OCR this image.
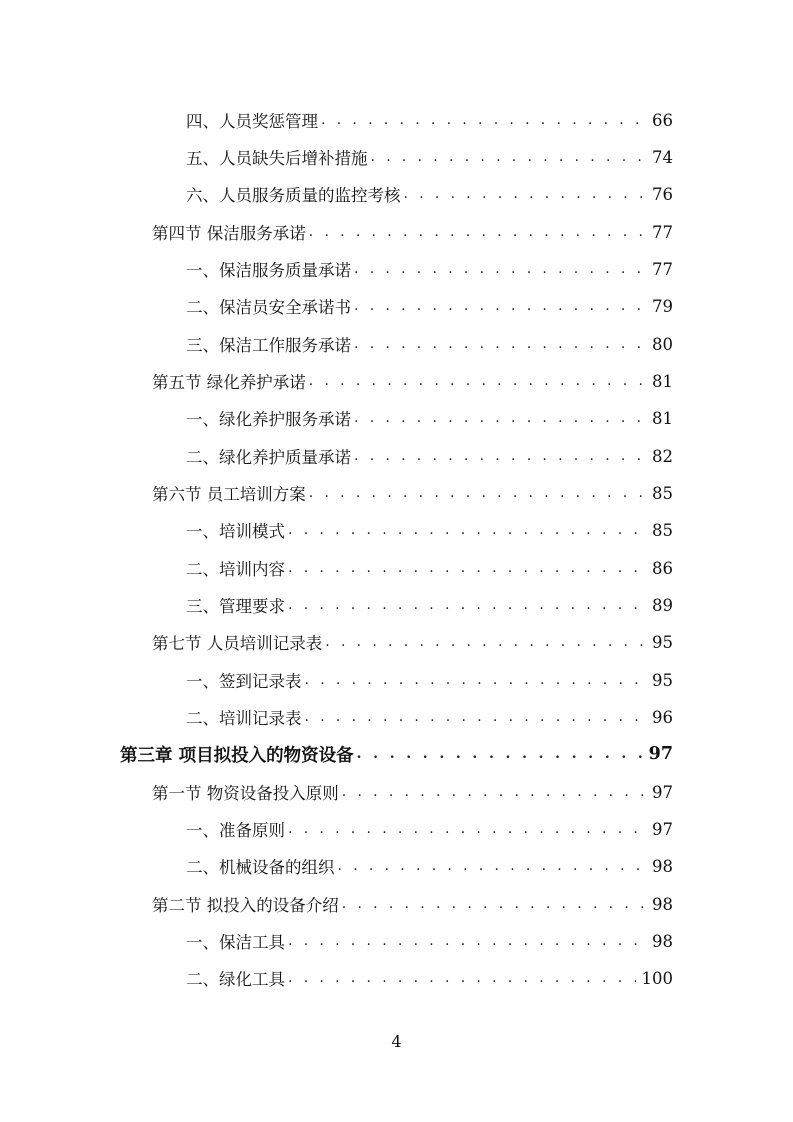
四、人员奖惩管理 . . .	66
五、人员缺失后增补措施 . . .	74
六、人员服务质量的监控考核 . . .	76
第四节 保洁服务承诺 . . .	77
一、保洁服务质量承诺 . . .	77
二、保洁员安全承诺书 . . .	79
三、保洁工作服务承诺 . . .	80
第五节 绿化养护承诺 . . .	81
一、绿化养护服务承诺 . . .	81
二、绿化养护质量承诺 . . .	82
第六节 员工培训方案 . . .	85
一、培训模式 . . .	85
二、培训内容 . . .	86
三、管理要求 . . .	89
第七节 人员培训记录表 . . .	95
一、签到记录表 . . .	95
二、培训记录表 . . .	96
第三章 项目拟投入的物资设备 . . .	97
第一节 物资设备投入原则 . . .	97
一、准备原则 . . .	97
二、机械设备的组织 . . .	98
第二节 拟投入的设备介绍 . . .	98
一、保洁工具 . . .	98
二、绿化工具 . . .	100
4
